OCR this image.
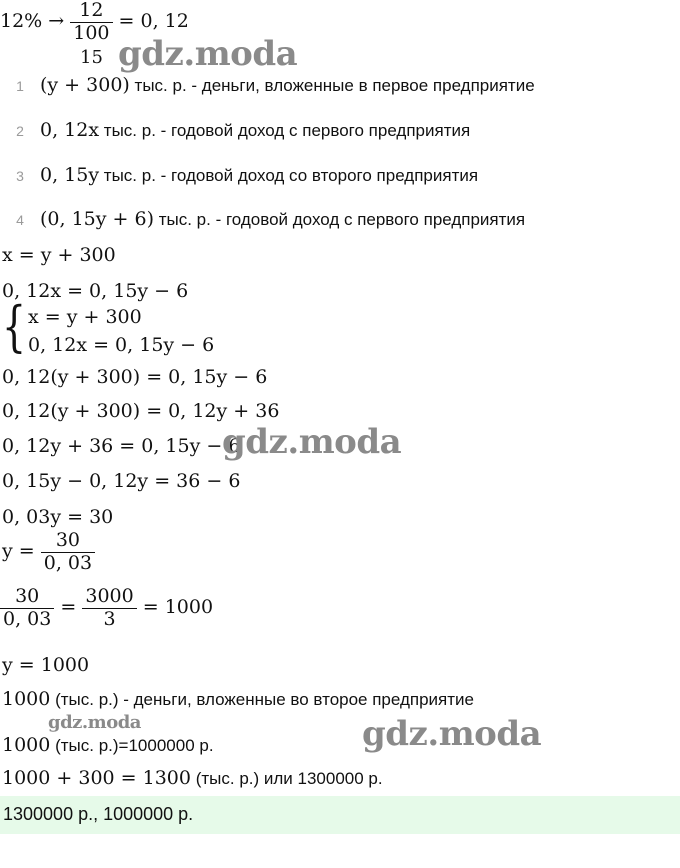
$12\% \to \frac{12}{100} = 0$, 12
15
1 (y + 300) тыс. р. - деньги, вложенные в первое предприятие
2 0, 12x тыс. р. - годовой доход с первого предприятия
3 0, 15y тыс. р. - годовой доход со второго предприятия
4 (0, 15y + 6) тыс. р. - годовой доход с первого предприятия
x = y + 300
0, 12x = 0, 15y − 6
{ x = y + 300
0, 12x = 0, 15y − 6
0, 12(y + 300) = 0, 15y − 6
0, 12(y + 300) = 0, 12y + 36
0, 12y + 36 = 0, 15y − 6
0, 15y − 0, 12y = 36 − 6
0, 03y = 30
$y = \frac{30}{0, 03}$
$\frac{30}{0, 03} = \frac{3000}{3} = 1000$
y = 1000
1000 (тыс. р.) - деньги, вложенные во второе предприятие
1000 (тыс. р.)=1000000 р.
1000 + 300 = 1300 (тыс. р.) или 1300000 р.
1300000 р., 1000000 р.
gdz.moda
gdz.moda
gdz.moda	gdz.moda
